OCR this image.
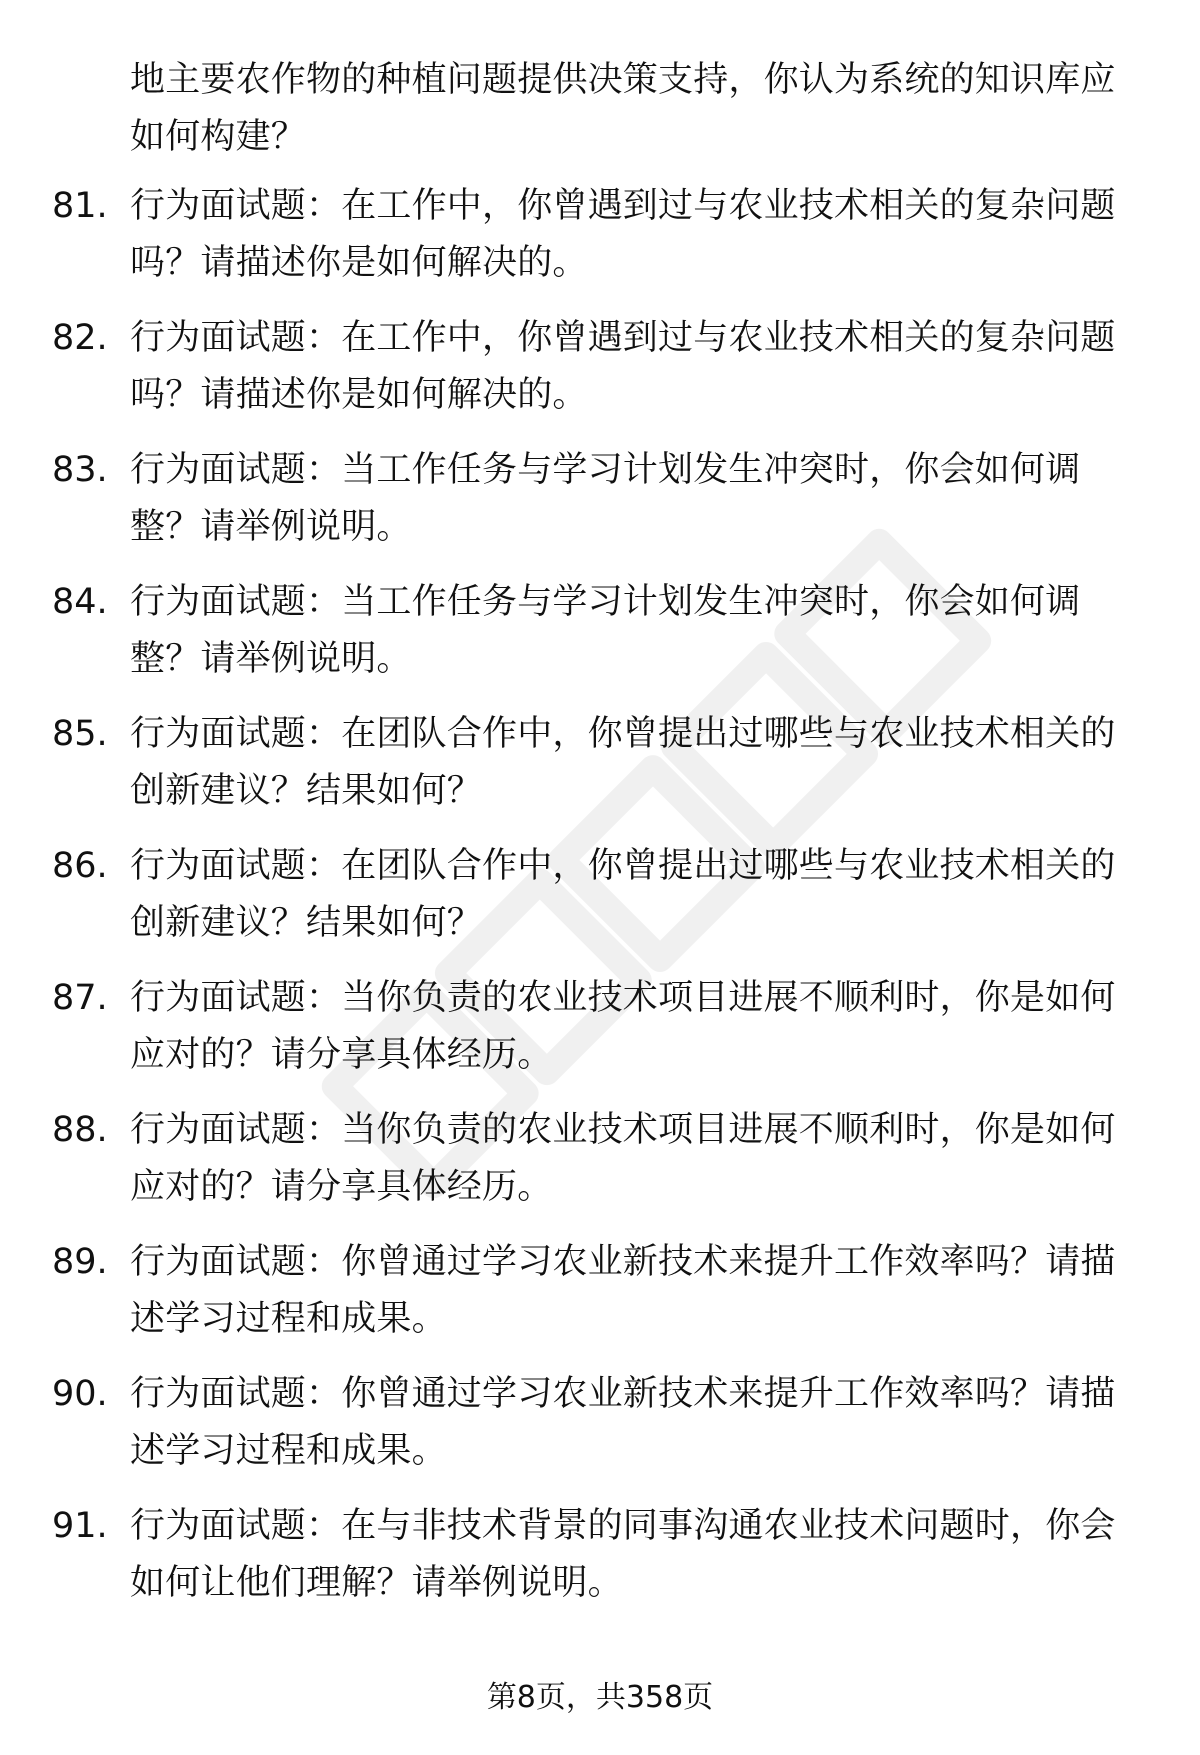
地主要农作物的种植问题提供决策支持，你认为系统的知识库应如何构建？
81. 行为面试题：在工作中，你曾遇到过与农业技术相关的复杂问题吗？请描述你是如何解决的。
82. 行为面试题：在工作中，你曾遇到过与农业技术相关的复杂问题吗？请描述你是如何解决的。
83. 行为面试题：当工作任务与学习计划发生冲突时，你会如何调整？请举例说明。
84. 行为面试题：当工作任务与学习计划发生冲突时，你会如何调整？请举例说明。
85. 行为面试题：在团队合作中，你曾提出过哪些与农业技术相关的创新建议？结果如何？
86. 行为面试题：在团队合作中，你曾提出过哪些与农业技术相关的创新建议？结果如何？
87. 行为面试题：当你负责的农业技术项目进展不顺利时，你是如何应对的？请分享具体经历。
88. 行为面试题：当你负责的农业技术项目进展不顺利时，你是如何应对的？请分享具体经历。
89. 行为面试题：你曾通过学习农业新技术来提升工作效率吗？请描述学习过程和成果。
90. 行为面试题：你曾通过学习农业新技术来提升工作效率吗？请描述学习过程和成果。
91. 行为面试题：在与非技术背景的同事沟通农业技术问题时，你会如何让他们理解？请举例说明。
第8页，共358页
